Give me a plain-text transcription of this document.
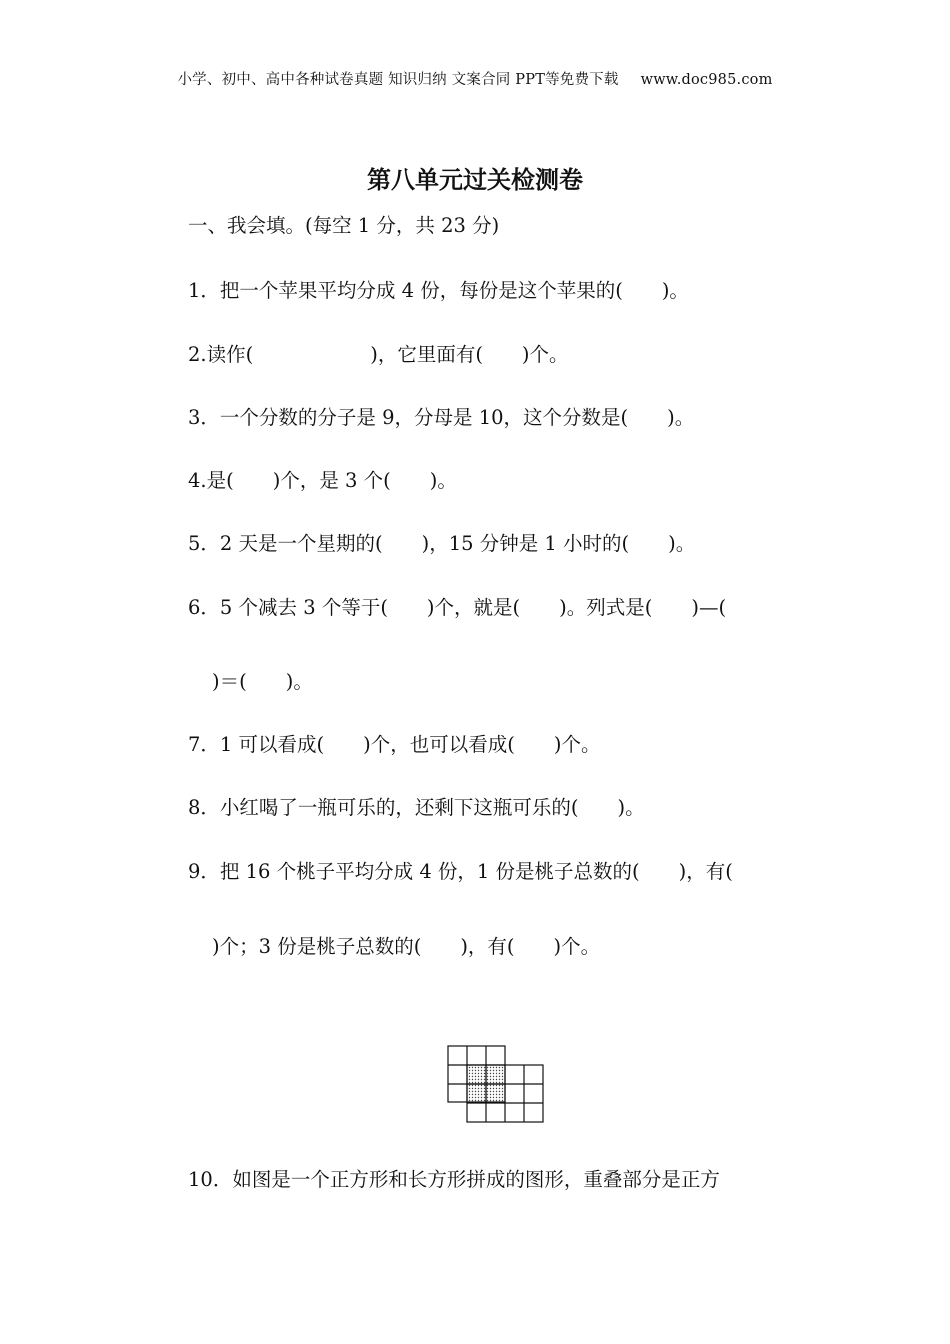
小学、初中、高中各种试卷真题 知识归纳 文案合同 PPT等免费下载 www.doc985.com
第八单元过关检测卷
一、我会填。(每空 1 分，共 23 分)
1．把一个苹果平均分成 4 份，每份是这个苹果的(　　)。
2.读作(　　　　　　)，它里面有(　　)个。
3．一个分数的分子是 9，分母是 10，这个分数是(　　)。
4.是(　　)个，是 3 个(　　)。
5．2 天是一个星期的(　　)，15 分钟是 1 小时的(　　)。
6．5 个减去 3 个等于(　　)个，就是(　　)。列式是(　　)—(
)＝(　　)。
7．1 可以看成(　　)个，也可以看成(　　)个。
8．小红喝了一瓶可乐的，还剩下这瓶可乐的(　　)。
9．把 16 个桃子平均分成 4 份，1 份是桃子总数的(　　)，有(
)个；3 份是桃子总数的(　　)，有(　　)个。
10．如图是一个正方形和长方形拼成的图形，重叠部分是正方
